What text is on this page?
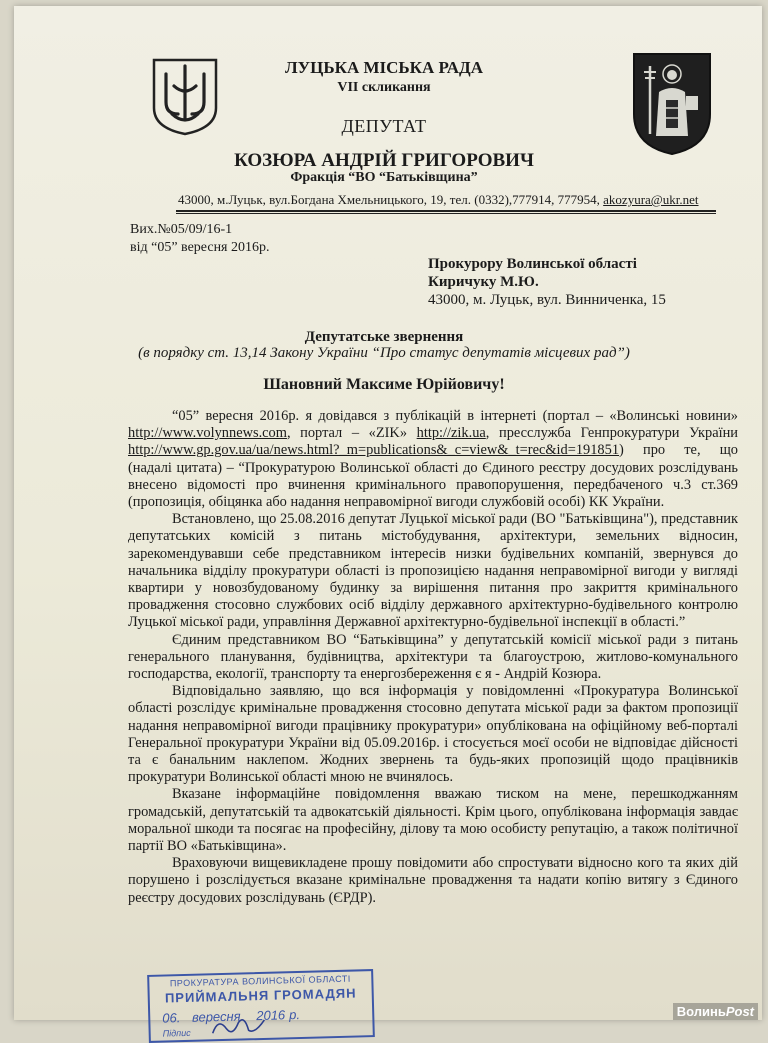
ЛУЦЬКА МІСЬКА РАДА
VII скликання
ДЕПУТАТ
КОЗЮРА АНДРІЙ ГРИГОРОВИЧ
Фракція “ВО “Батьківщина”
43000, м.Луцьк, вул.Богдана Хмельницького, 19, тел. (0332),777914, 777954, akozyura@ukr.net
Вих.№05/09/16-1
від “05” вересня 2016р.
Прокурору Волинської області
Киричуку М.Ю.
43000, м. Луцьк, вул. Винниченка, 15
Депутатське звернення
(в порядку ст. 13,14 Закону України “Про статус депутатів місцевих рад”)
Шановний Максиме Юрійовичу!

“05” вересня 2016р. я довідався з публікацій в інтернеті (портал – «Волинські новини» http://www.volynnews.com, портал – «ZIK» http://zik.ua, пресслужба Генпрокуратури України http://www.gp.gov.ua/ua/news.html?_m=publications&_c=view&_t=rec&id=191851) про те, що (надалі цитата) – “Прокуратурою Волинської області до Єдиного реєстру досудових розслідувань внесено відомості про вчинення кримінального правопорушення, передбаченого ч.3 ст.369 (пропозиція, обіцянка або надання неправомірної вигоди службовій особі) КК України.

Встановлено, що 25.08.2016 депутат Луцької міської ради (ВО "Батьківщина"), представник депутатських комісій з питань містобудування, архітектури, земельних відносин, зарекомендувавши себе представником інтересів низки будівельних компаній, звернувся до начальника відділу прокуратури області із пропозицією надання неправомірної вигоди у вигляді квартири у новозбудованому будинку за вирішення питання про закриття кримінального провадження стосовно службових осіб відділу державного архітектурно-будівельного контролю Луцької міської ради, управління Державної архітектурно-будівельної інспекції в області.”

Єдиним представником ВО “Батьківщина” у депутатській комісії міської ради з питань генерального планування, будівництва, архітектури та благоустрою, житлово-комунального господарства, екології, транспорту та енергозбереження є я - Андрій Козюра.

Відповідально заявляю, що вся інформація у повідомленні «Прокуратура Волинської області розслідує кримінальне провадження стосовно депутата міської ради за фактом пропозиції надання неправомірної вигоди працівнику прокуратури» опублікована на офіційному веб-порталі Генеральної прокуратури України від 05.09.2016р. і стосується моєї особи не відповідає дійсності та є банальним наклепом. Жодних звернень та будь-яких пропозицій щодо працівників прокуратури Волинської області мною не вчинялось.

Вказане інформаційне повідомлення вважаю тиском на мене, перешкоджанням громадській, депутатській та адвокатській діяльності. Крім цього, опублікована інформація завдає моральної шкоди та посягає на професійну, ділову та мою особисту репутацію, а також політичної партії ВО «Батьківщина».

Враховуючи вищевикладене прошу повідомити або спростувати відносно кого та яких дій порушено і розслідується вказане кримінальне провадження та надати копію витягу з Єдиного реєстру досудових розслідувань (ЄРДР).

ПРОКУРАТУРА ВОЛИНСЬКОЇ ОБЛАСТІ
ПРИЙМАЛЬНЯ ГРОМАДЯН
06. вересня 2016 р.
Підпис
ВолиньPost
